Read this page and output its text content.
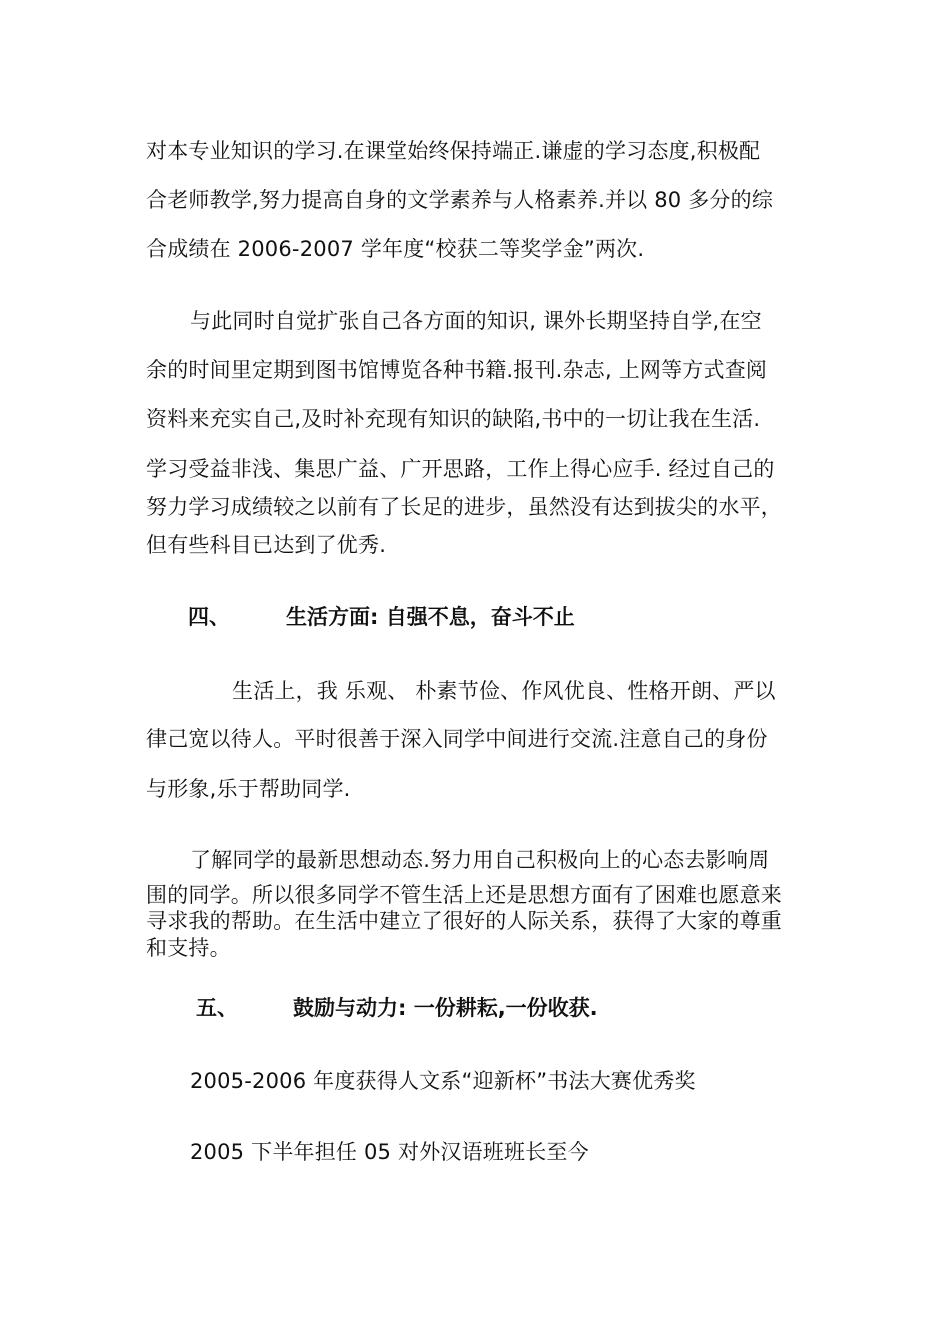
对本专业知识的学习.在课堂始终保持端正.谦虚的学习态度,积极配
合老师教学,努力提高自身的文学素养与人格素养.并以 80 多分的综
合成绩在 2006-2007 学年度“校获二等奖学金”两次.
与此同时自觉扩张自己各方面的知识, 课外长期坚持自学,在空
余的时间里定期到图书馆博览各种书籍.报刊.杂志, 上网等方式查阅
资料来充实自己,及时补充现有知识的缺陷,书中的一切让我在生活.
学习受益非浅、集思广益、广开思路，工作上得心应手. 经过自己的
努力学习成绩较之以前有了长足的进步，虽然没有达到拔尖的水平，
但有些科目已达到了优秀.
四、	生活方面: 自强不息，奋斗不止
生活上，我 乐观、 朴素节俭、作风优良、性格开朗、严以
律己宽以待人。平时很善于深入同学中间进行交流.注意自己的身份
与形象,乐于帮助同学.
了解同学的最新思想动态.努力用自己积极向上的心态去影响周
围的同学。所以很多同学不管生活上还是思想方面有了困难也愿意来
寻求我的帮助。在生活中建立了很好的人际关系，获得了大家的尊重
和支持。
五、	鼓励与动力: 一份耕耘,一份收获.
2005-2006 年度获得人文系“迎新杯”书法大赛优秀奖
2005 下半年担任 05 对外汉语班班长至今
